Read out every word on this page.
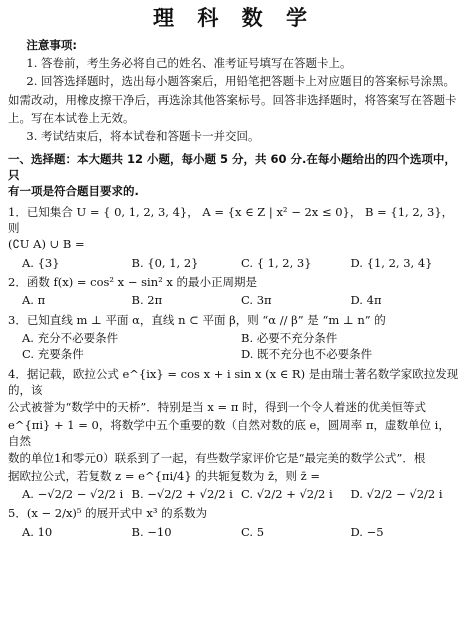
理 科 数 学

注意事项:

1. 答卷前，考生务必将自己的姓名、准考证号填写在答题卡上。

2. 回答选择题时，选出每小题答案后，用铅笔把答题卡上对应题目的答案标号涂黑。

如需改动，用橡皮擦干净后，再选涂其他答案标号。回答非选择题时，将答案写在答题卡

上。写在本试卷上无效。

3. 考试结束后，将本试卷和答题卡一并交回。

一、选择题：本大题共 12 小题，每小题 5 分，共 60 分.在每小题给出的四个选项中，只
有一项是符合题目要求的.
1．已知集合 U = { 0, 1, 2, 3, 4}， A = {x ∈ Z | x² − 2x ≤ 0}， B = {1, 2, 3}， 则
(∁U A) ∪ B =
A. {3}	B. {0, 1, 2}	C. { 1, 2, 3}	D. {1, 2, 3, 4}
2．函数 f(x) = cos² x − sin² x 的最小正周期是
A. π	B. 2π	C. 3π	D. 4π
3．已知直线 m ⊥ 平面 α，直线 n ⊂ 平面 β，则 “α // β” 是 “m ⊥ n” 的
A. 充分不必要条件	B. 必要不充分条件
C. 充要条件	D. 既不充分也不必要条件
4．据记载，欧拉公式 e^{ix} = cos x + i sin x (x ∈ R) 是由瑞士著名数学家欧拉发现的，该
公式被誉为“数学中的天桥”．特别是当 x = π 时，得到一个令人着迷的优美恒等式
e^{πi} + 1 = 0，将数学中五个重要的数（自然对数的底 e，圆周率 π，虚数单位 i，自然
数的单位1和零元0）联系到了一起，有些数学家评价它是“最完美的数学公式”．根
据欧拉公式，若复数 z = e^{πi/4} 的共轭复数为 z̄，则 z̄ =
A. −√2/2 − √2/2 i B. −√2/2 + √2/2 i C. √2/2 + √2/2 i	D. √2/2 − √2/2 i
5．(x − 2/x)⁵ 的展开式中 x³ 的系数为
A. 10	B. −10	C. 5	D. −5
